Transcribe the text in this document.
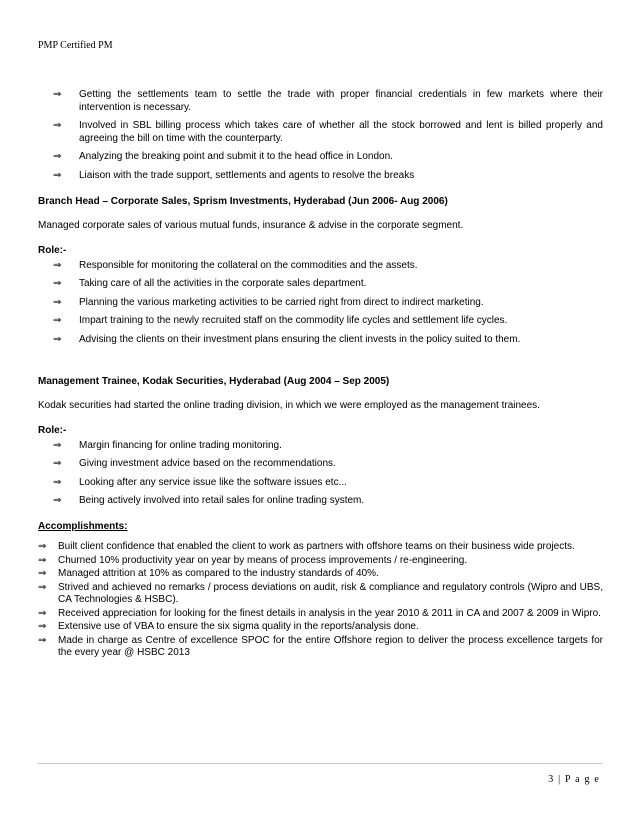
PMP Certified PM
⇒	Getting the settlements team to settle the trade with proper financial credentials in few markets where their intervention is necessary.
⇒	Involved in SBL billing process which takes care of whether all the stock borrowed and lent is billed properly and agreeing the bill on time with the counterparty.
⇒	Analyzing the breaking point and submit it to the head office in London.
⇒	Liaison with the trade support, settlements and agents to resolve the breaks
Branch Head – Corporate Sales, Sprism Investments, Hyderabad (Jun 2006- Aug 2006)
Managed corporate sales of various mutual funds, insurance & advise in the corporate segment.
Role:-
⇒	Responsible for monitoring the collateral on the commodities and the assets.
⇒	Taking care of all the activities in the corporate sales department.
⇒	Planning the various marketing activities to be carried right from direct to indirect marketing.
⇒	Impart training to the newly recruited staff on the commodity life cycles and settlement life cycles.
⇒	Advising the clients on their investment plans ensuring the client invests in the policy suited to them.
Management Trainee, Kodak Securities, Hyderabad (Aug 2004 – Sep 2005)
Kodak securities had started the online trading division, in which we were employed as the management trainees.
Role:-
⇒	Margin financing for online trading monitoring.
⇒	Giving investment advice based on the recommendations.
⇒	Looking after any service issue like the software issues etc...
⇒	Being actively involved into retail sales for online trading system.
Accomplishments:
⇒	Built client confidence that enabled the client to work as partners with offshore teams on their business wide projects.
⇒	Churned 10% productivity year on year by means of process improvements / re-engineering.
⇒	Managed attrition at 10% as compared to the industry standards of 40%.
⇒	Strived and achieved no remarks / process deviations on audit, risk & compliance and regulatory controls (Wipro and UBS, CA Technologies & HSBC).
⇒	Received appreciation for looking for the finest details in analysis in the year 2010 & 2011 in CA and 2007 & 2009 in Wipro.
⇒	Extensive use of VBA to ensure the six sigma quality in the reports/analysis done.
⇒	Made in charge as Centre of excellence SPOC for the entire Offshore region to deliver the process excellence targets for the every year @ HSBC 2013
3 | P a g e
